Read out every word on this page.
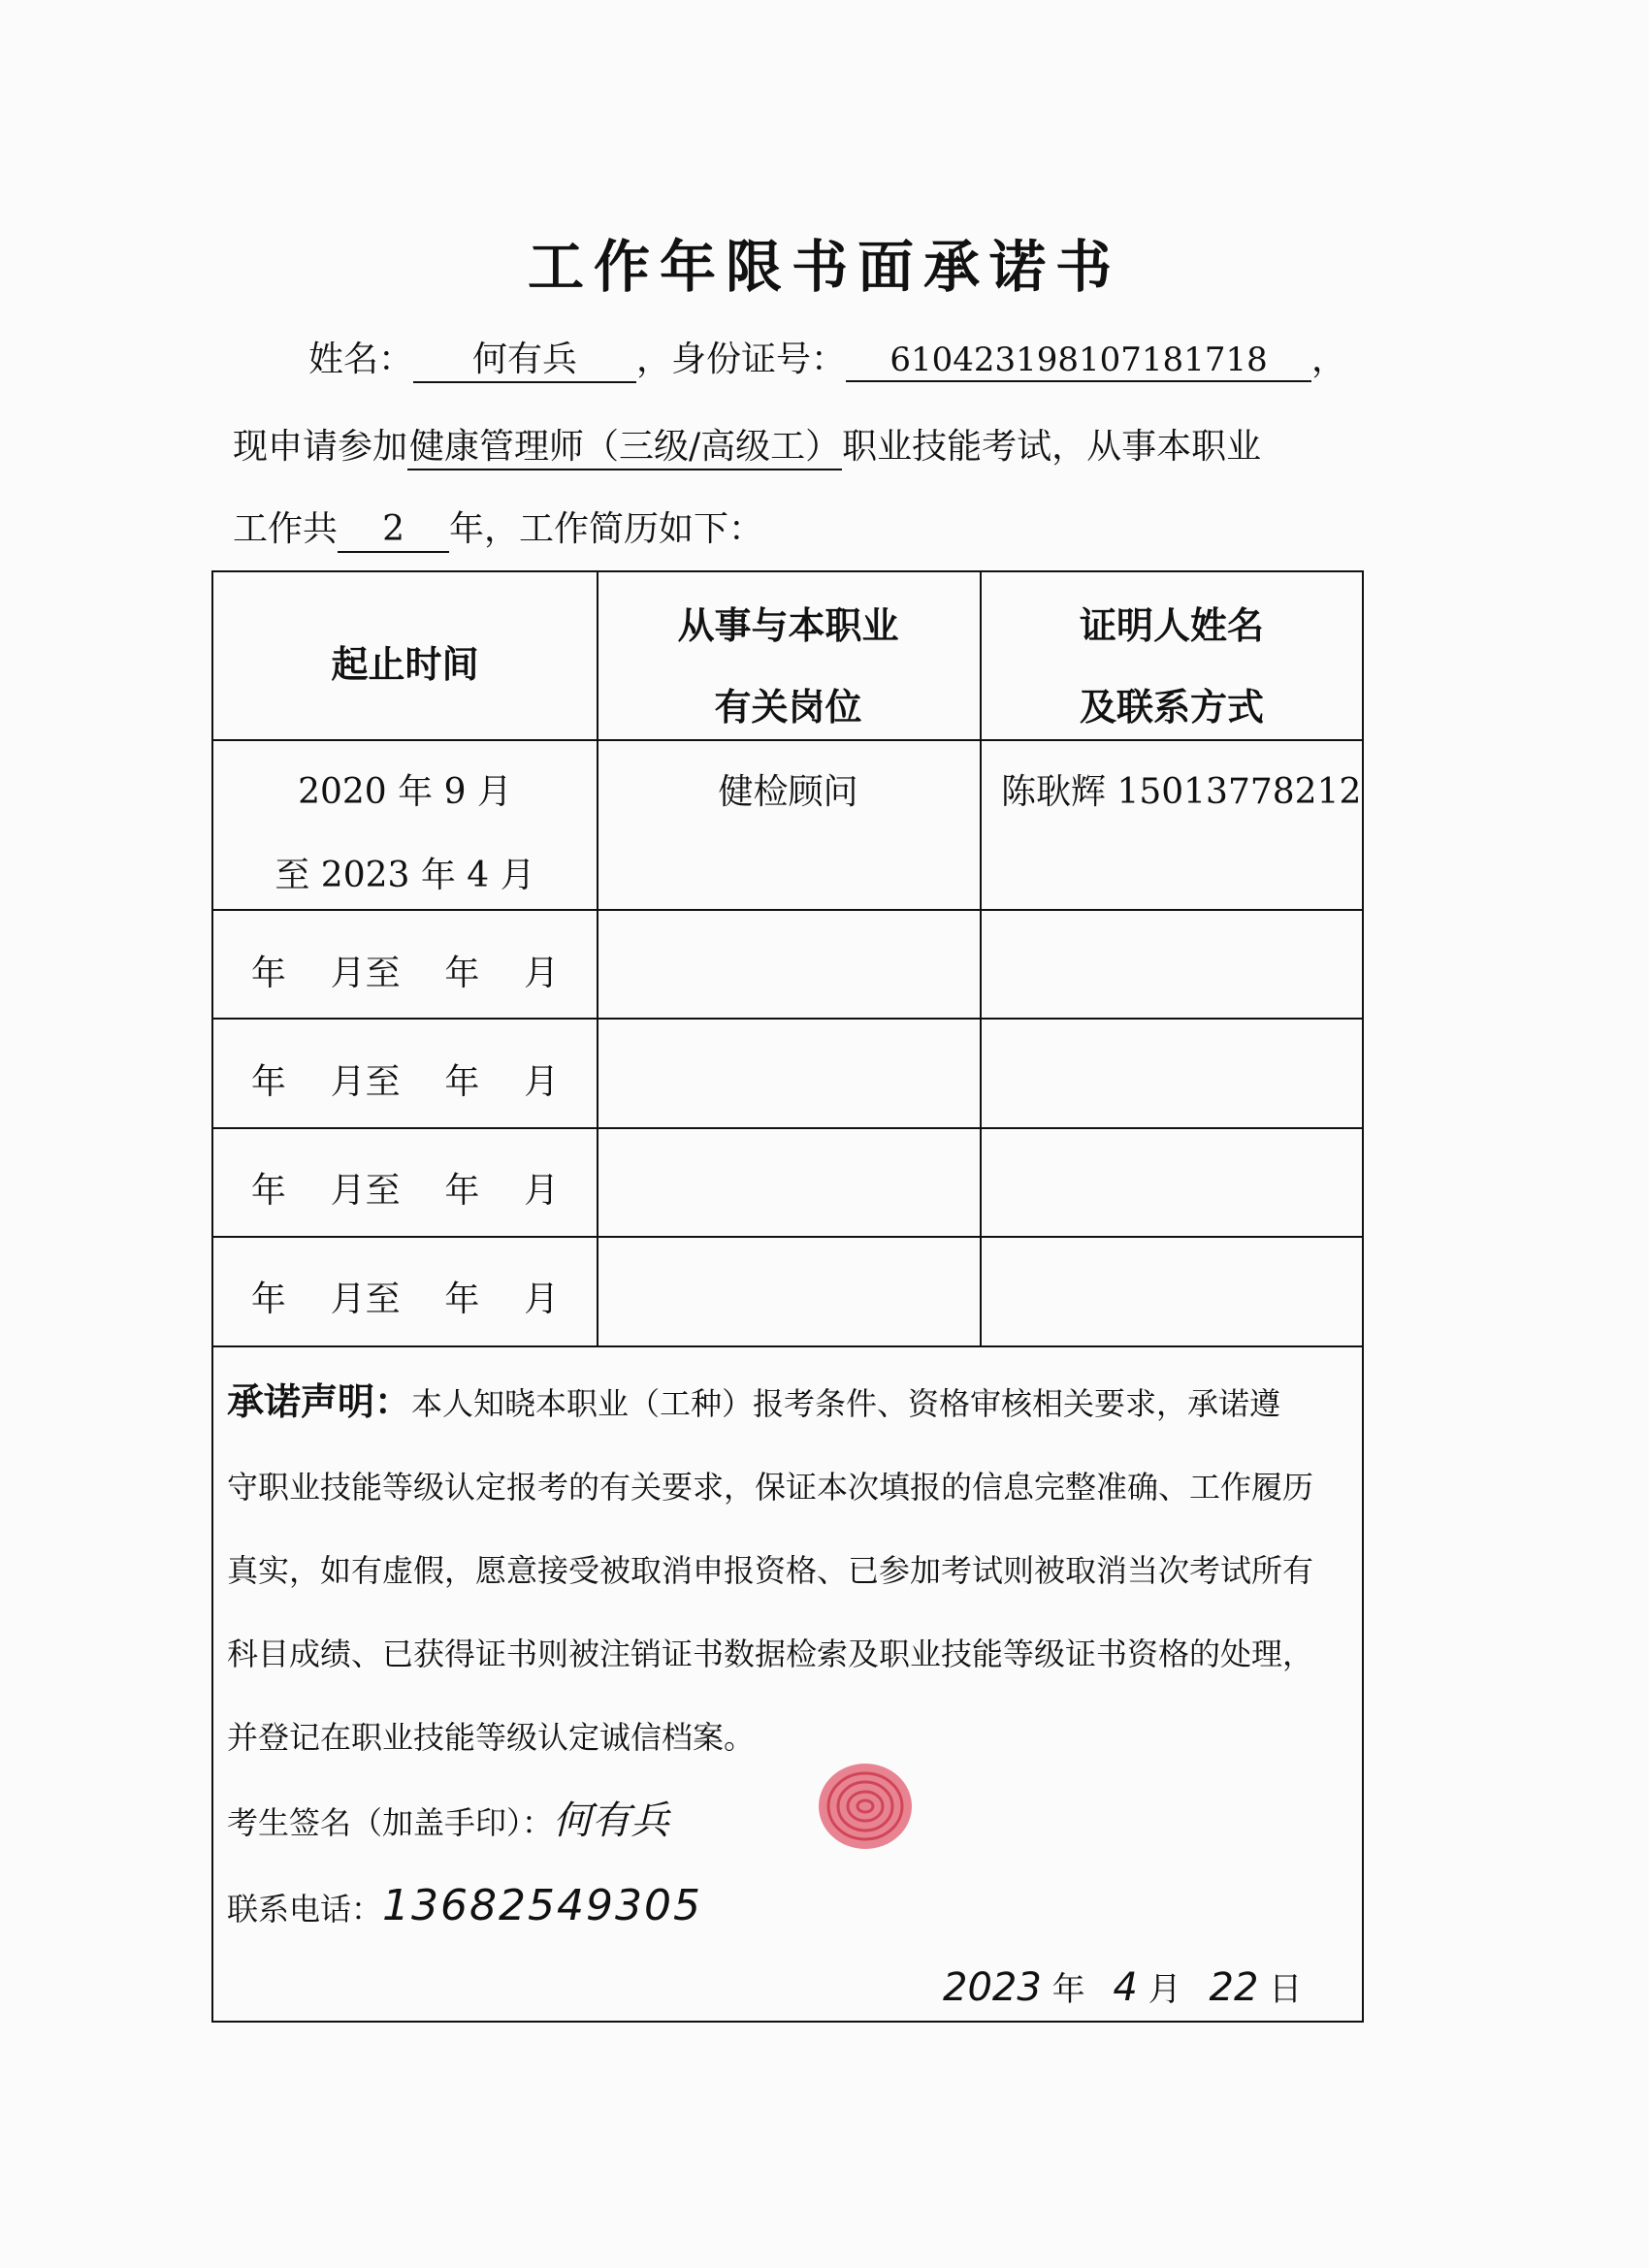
工作年限书面承诺书
姓名： 何有兵 ，身份证号： 610423198107181718 ，
现申请参加健康管理师（三级/高级工）职业技能考试，从事本职业
工作共 2 年，工作简历如下：
起止时间
从事与本职业
有关岗位
证明人姓名
及联系方式
2020 年 9 月
至 2023 年 4 月
健检顾问	陈耿辉 15013778212
年    月至    年    月
年    月至    年    月
年    月至    年    月
年    月至    年    月
承诺声明：本人知晓本职业（工种）报考条件、资格审核相关要求，承诺遵
守职业技能等级认定报考的有关要求，保证本次填报的信息完整准确、工作履历
真实，如有虚假，愿意接受被取消申报资格、已参加考试则被取消当次考试所有
科目成绩、已获得证书则被注销证书数据检索及职业技能等级证书资格的处理，
并登记在职业技能等级认定诚信档案。
考生签名（加盖手印）：何有兵
联系电话：13682549305
2023 年 4 月 22 日
